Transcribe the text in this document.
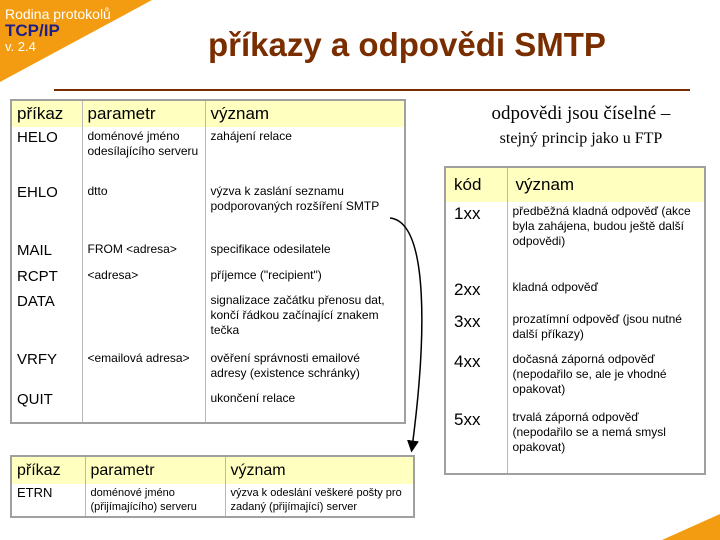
Rodina protokolů
TCP/IP
v. 2.4	příkazy a odpovědi SMTP
příkaz	parametr	význam
HELO	doménové jméno odesílajícího serveru	zahájení relace
EHLO	dtto	výzva k zaslání seznamu podporovaných rozšíření SMTP
MAIL	FROM <adresa>	specifikace odesilatele
RCPT	<adresa>	příjemce ("recipient")
DATA		signalizace začátku přenosu dat, končí řádkou začínající znakem tečka
VRFY	<emailová adresa>	ověření správnosti emailové adresy (existence schránky)
QUIT		ukončení relace
příkaz	parametr	význam
ETRN	doménové jméno (přijímajícího) serveru	výzva k odeslání veškeré pošty pro zadaný (přijímající) server
odpovědi jsou číselné –
stejný princip jako u FTP
kód	význam
1xx	předběžná kladná odpověď (akce byla zahájena, budou ještě další odpovědi)
2xx	kladná odpověď
3xx	prozatímní odpověď (jsou nutné další příkazy)
4xx	dočasná záporná odpověď (nepodařilo se, ale je vhodné opakovat)
5xx	trvalá záporná odpověď (nepodařilo se a nemá smysl opakovat)
